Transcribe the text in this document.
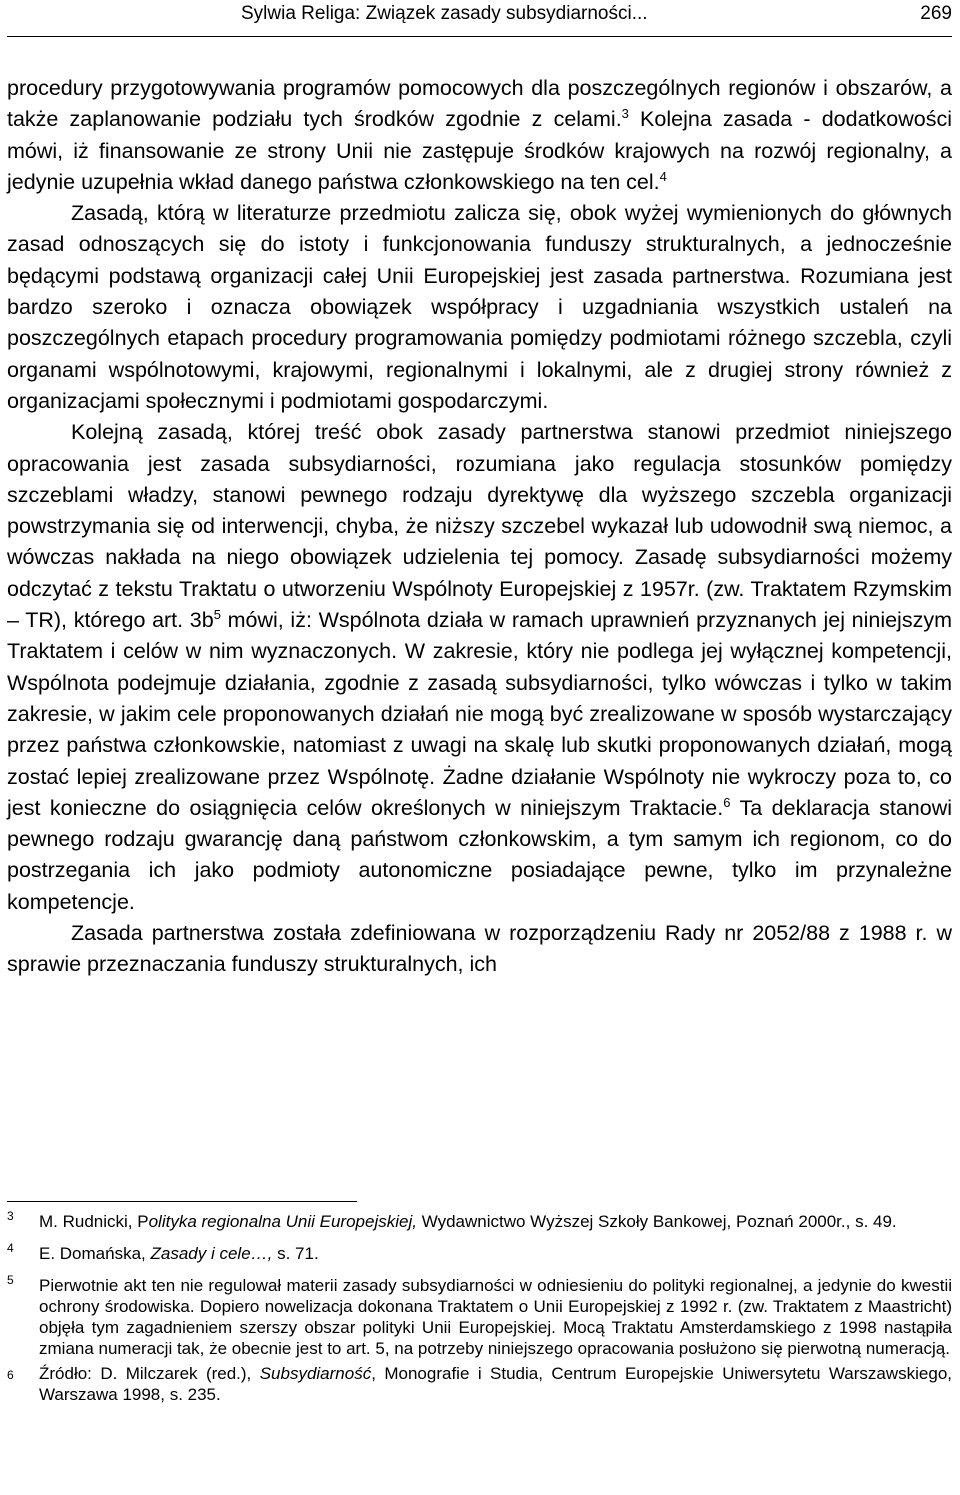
Sylwia Religa: Związek zasady subsydiarności...	269

procedury przygotowywania programów pomocowych dla poszczególnych regionów i obszarów, a także zaplanowanie podziału tych środków zgodnie z celami.$^3$ Kolejna zasada - dodatkowości mówi, iż finansowanie ze strony Unii nie zastępuje środków krajowych na rozwój regionalny, a jedynie uzupełnia wkład danego państwa członkowskiego na ten cel.$^4$

Zasadą, którą w literaturze przedmiotu zalicza się, obok wyżej wymienionych do głównych zasad odnoszących się do istoty i funkcjonowania funduszy strukturalnych, a jednocześnie będącymi podstawą organizacji całej Unii Europejskiej jest zasada partnerstwa. Rozumiana jest bardzo szeroko i oznacza obowiązek współpracy i uzgadniania wszystkich ustaleń na poszczególnych etapach procedury programowania pomiędzy podmiotami różnego szczebla, czyli organami wspólnotowymi, krajowymi, regionalnymi i lokalnymi, ale z drugiej strony również z organizacjami społecznymi i podmiotami gospodarczymi.

Kolejną zasadą, której treść obok zasady partnerstwa stanowi przedmiot niniejszego opracowania jest zasada subsydiarności, rozumiana jako regulacja stosunków pomiędzy szczeblami władzy, stanowi pewnego rodzaju dyrektywę dla wyższego szczebla organizacji powstrzymania się od interwencji, chyba, że niższy szczebel wykazał lub udowodnił swą niemoc, a wówczas nakłada na niego obowiązek udzielenia tej pomocy. Zasadę subsydiarności możemy odczytać z tekstu Traktatu o utworzeniu Wspólnoty Europejskiej z 1957r. (zw. Traktatem Rzymskim – TR), którego art. $3b^5$ mówi, iż: Wspólnota działa w ramach uprawnień przyznanych jej niniejszym Traktatem i celów w nim wyznaczonych. W zakresie, który nie podlega jej wyłącznej kompetencji, Wspólnota podejmuje działania, zgodnie z zasadą subsydiarności, tylko wówczas i tylko w takim zakresie, w jakim cele proponowanych działań nie mogą być zrealizowane w sposób wystarczający przez państwa członkowskie, natomiast z uwagi na skalę lub skutki proponowanych działań, mogą zostać lepiej zrealizowane przez Wspólnotę. Żadne działanie Wspólnoty nie wykroczy poza to, co jest konieczne do osiągnięcia celów określonych w niniejszym Traktacie.$^6$ Ta deklaracja stanowi pewnego rodzaju gwarancję daną państwom członkowskim, a tym samym ich regionom, co do postrzegania ich jako podmioty autonomiczne posiadające pewne, tylko im przynależne kompetencje.

Zasada partnerstwa została zdefiniowana w rozporządzeniu Rady nr 2052/88 z 1988 r. w sprawie przeznaczania funduszy strukturalnych, ich

3 M. Rudnicki, Polityka regionalna Unii Europejskiej, Wydawnictwo Wyższej Szkoły Bankowej, Poznań 2000r., s. 49.

4 E. Domańska, Zasady i cele…, s. 71.

5 Pierwotnie akt ten nie regulował materii zasady subsydiarności w odniesieniu do polityki regionalnej, a jedynie do kwestii ochrony środowiska. Dopiero nowelizacja dokonana Traktatem o Unii Europejskiej z 1992 r. (zw. Traktatem z Maastricht) objęła tym zagadnieniem szerszy obszar polityki Unii Europejskiej. Mocą Traktatu Amsterdamskiego z 1998 nastąpiła zmiana numeracji tak, że obecnie jest to art. 5, na potrzeby niniejszego opracowania posłużono się pierwotną numeracją.

6 Źródło: D. Milczarek (red.), Subsydiarność, Monografie i Studia, Centrum Europejskie Uniwersytetu Warszawskiego, Warszawa 1998, s. 235.
